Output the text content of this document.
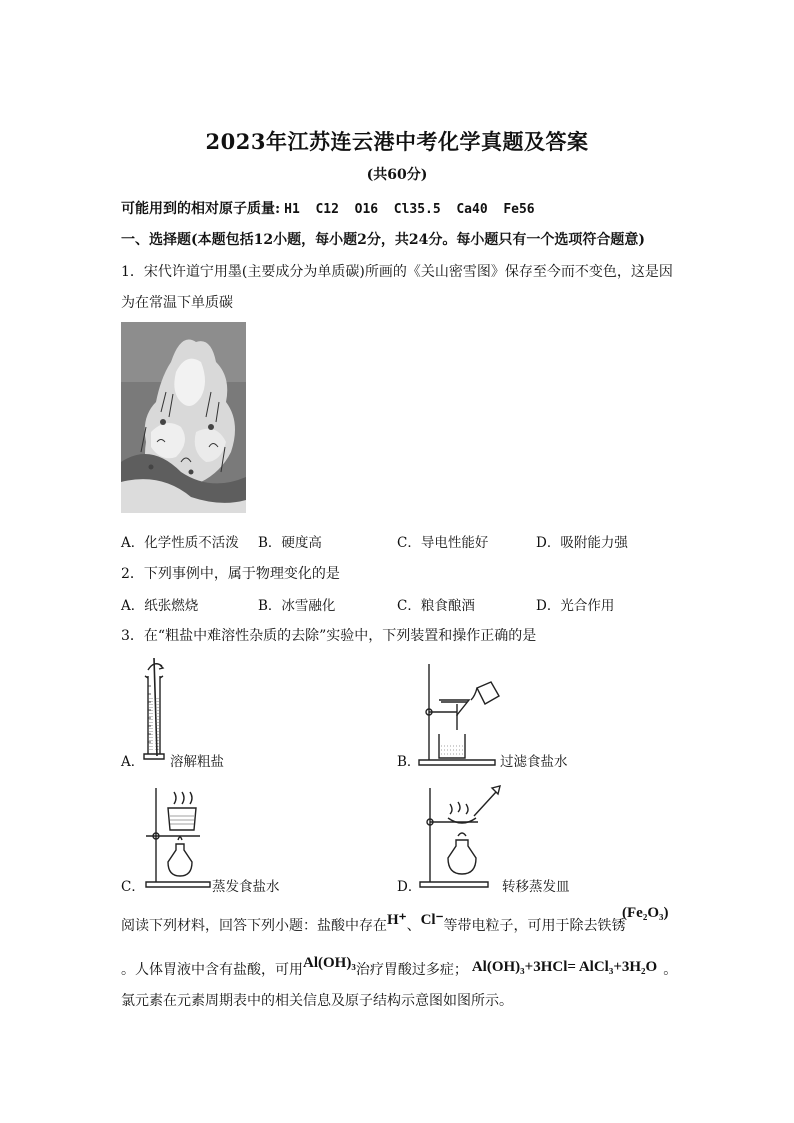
2023年江苏连云港中考化学真题及答案
(共60分)
可能用到的相对原子质量: H1  C12  O16  Cl35.5  Ca40  Fe56
一、选择题(本题包括12小题，每小题2分，共24分。每小题只有一个选项符合题意)
1．宋代许道宁用墨(主要成分为单质碳)所画的《关山密雪图》保存至今而不变色，这是因
为在常温下单质碳
A．化学性质不活泼 B．硬度高	C．导电性能好	D．吸附能力强
2．下列事例中，属于物理变化的是
A．纸张燃烧	B．冰雪融化	C．粮食酿酒	D．光合作用
3．在“粗盐中难溶性杂质的去除”实验中，下列装置和操作正确的是
A． 溶解粗盐	B．	过滤食盐水
C．	蒸发食盐水	D．	转移蒸发皿
阅读下列材料，回答下列小题：盐酸中存在H⁺、Cl⁻等带电粒子，可用于除去铁锈
(Fe₂O₃)
。人体胃液中含有盐酸，可用Al(OH)₃治疗胃酸过多症； Al(OH)₃+3HCl= AlCl₃+3H₂O 。
氯元素在元素周期表中的相关信息及原子结构示意图如图所示。
